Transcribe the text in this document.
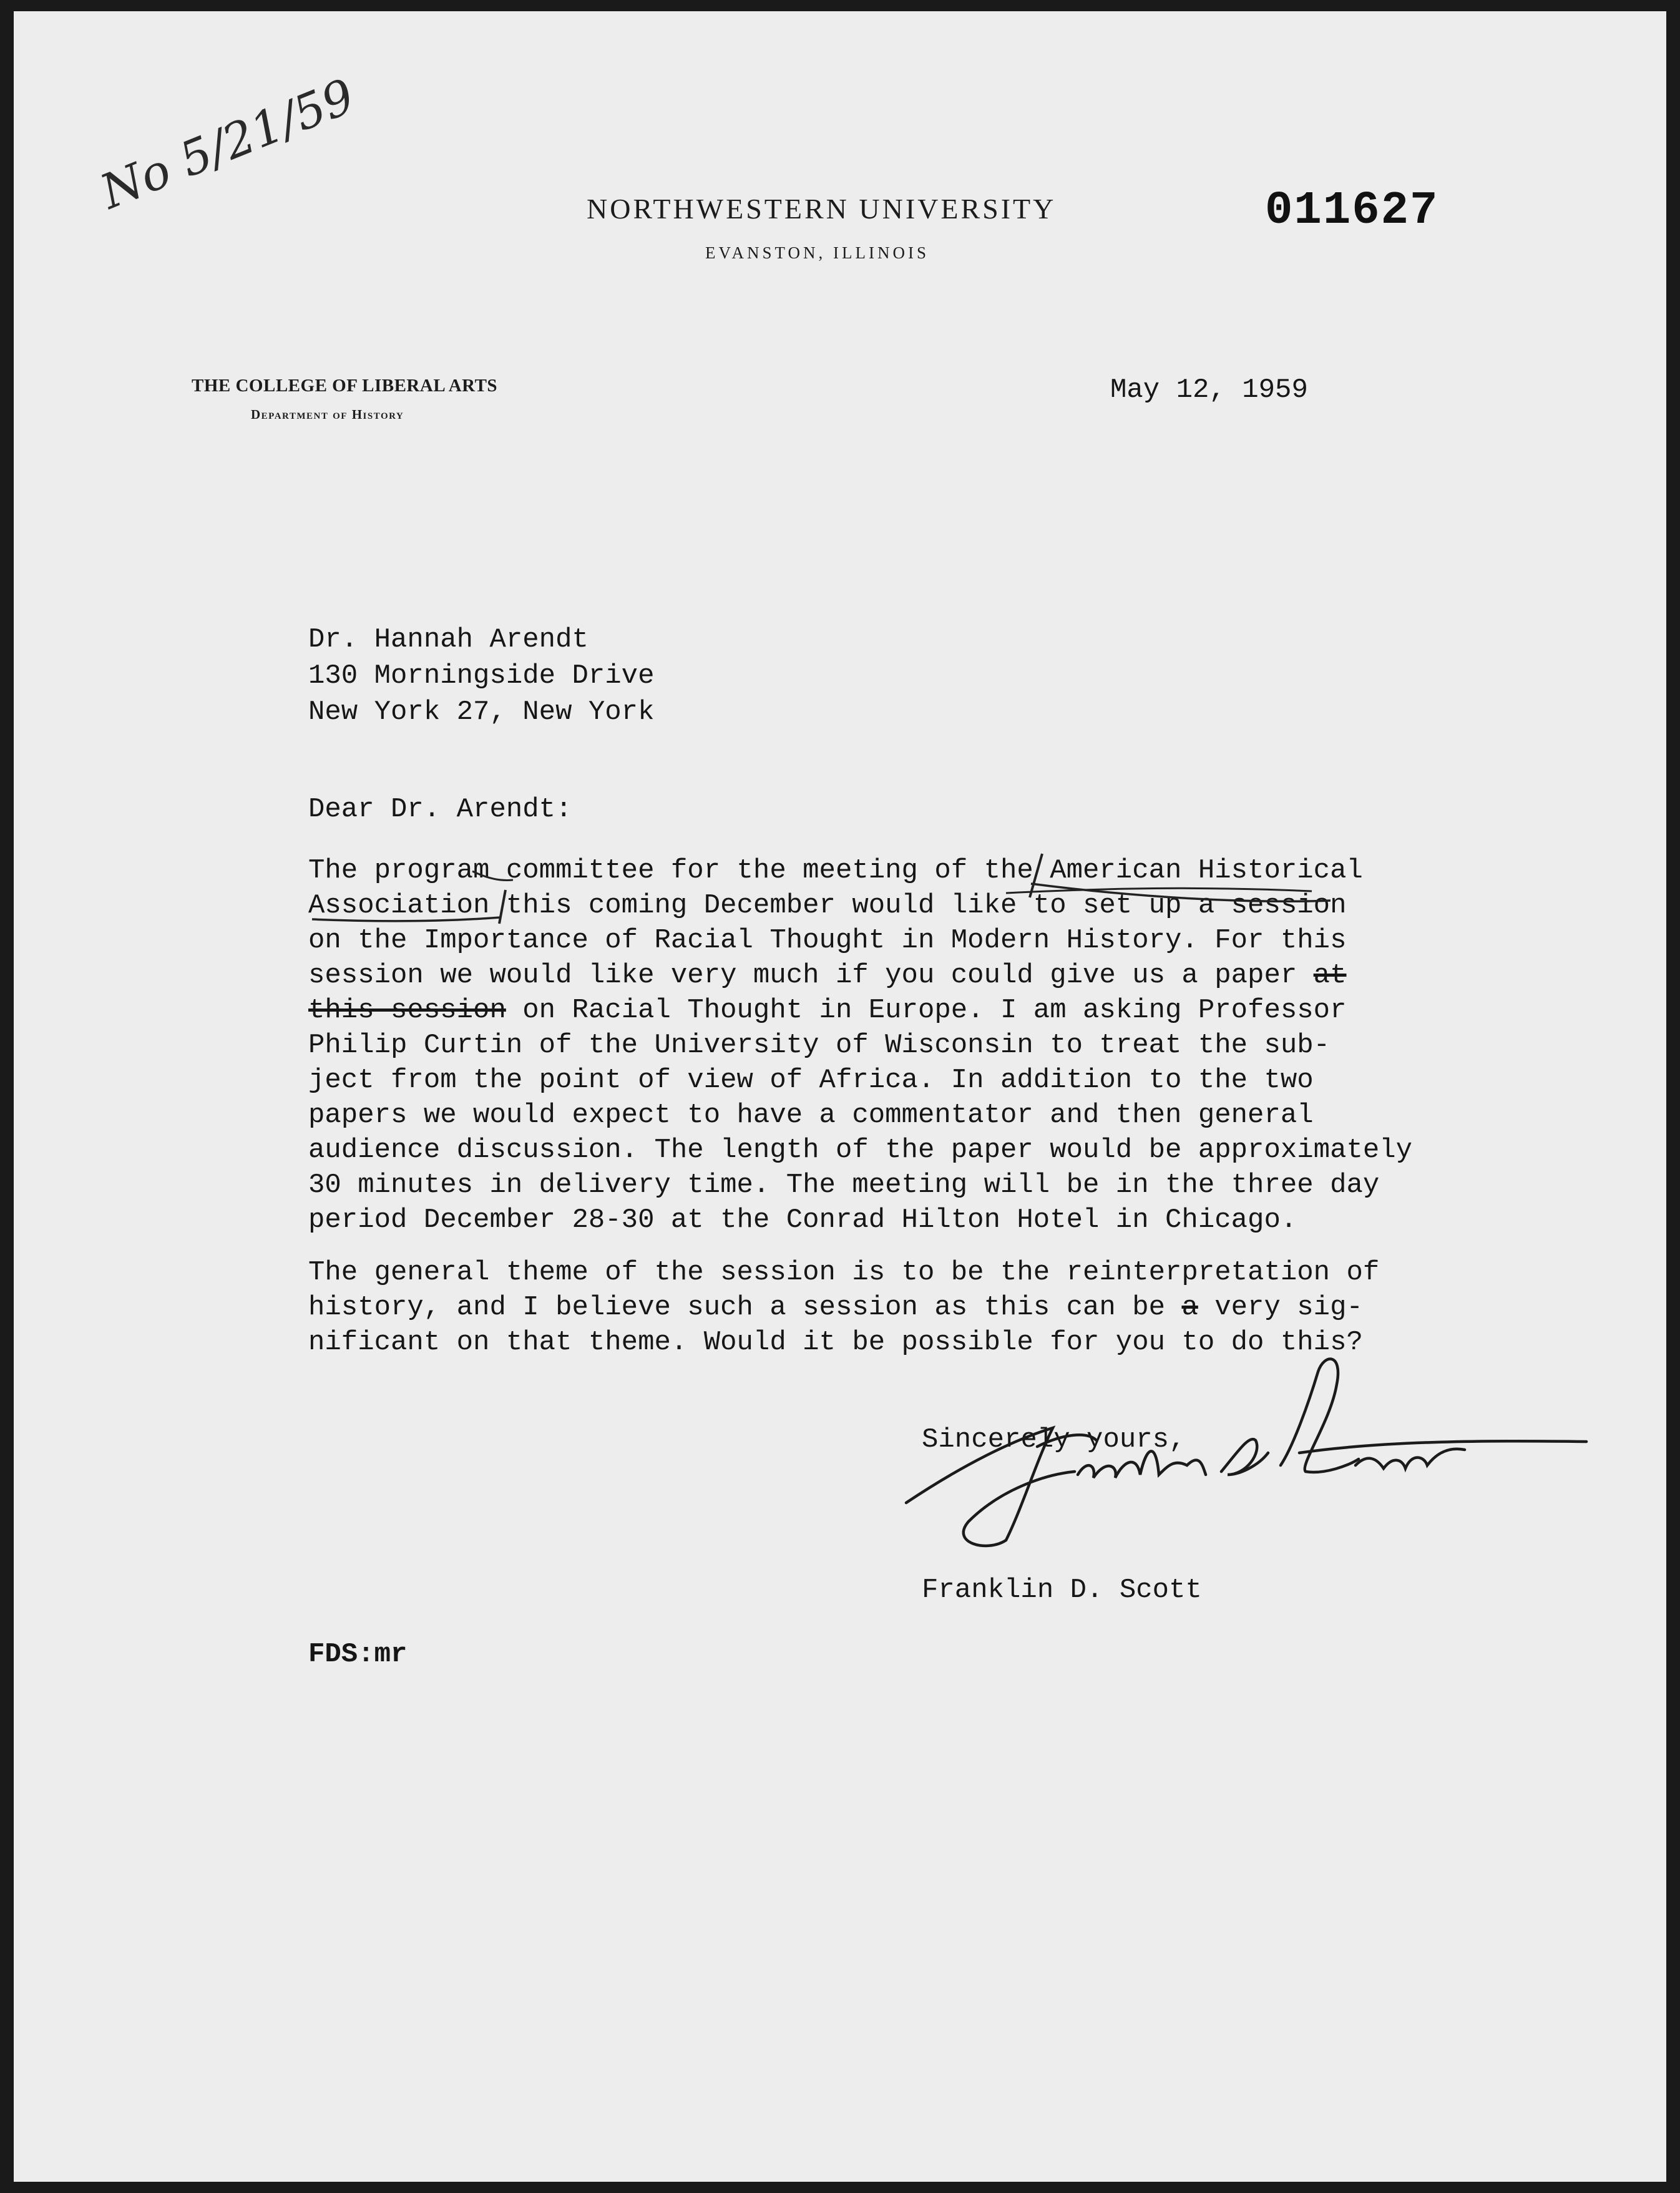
No 5/21/59	NORTHWESTERN UNIVERSITY
EVANSTON, ILLINOIS
011627
THE COLLEGE OF LIBERAL ARTS
Department of History
May 12, 1959
Dr. Hannah Arendt
130 Morningside Drive
New York 27, New York
Dear Dr. Arendt:
The program committee for the meeting of the American Historical
Association this coming December would like to set up a session
on the Importance of Racial Thought in Modern History. For this
session we would like very much if you could give us a paper at
this session on Racial Thought in Europe. I am asking Professor
Philip Curtin of the University of Wisconsin to treat the sub-
ject from the point of view of Africa. In addition to the two
papers we would expect to have a commentator and then general
audience discussion. The length of the paper would be approximately
30 minutes in delivery time. The meeting will be in the three day
period December 28-30 at the Conrad Hilton Hotel in Chicago.
The general theme of the session is to be the reinterpretation of
history, and I believe such a session as this can be a very sig-
nificant on that theme. Would it be possible for you to do this?
Sincerely yours,
Franklin D. Scott
FDS:mr
